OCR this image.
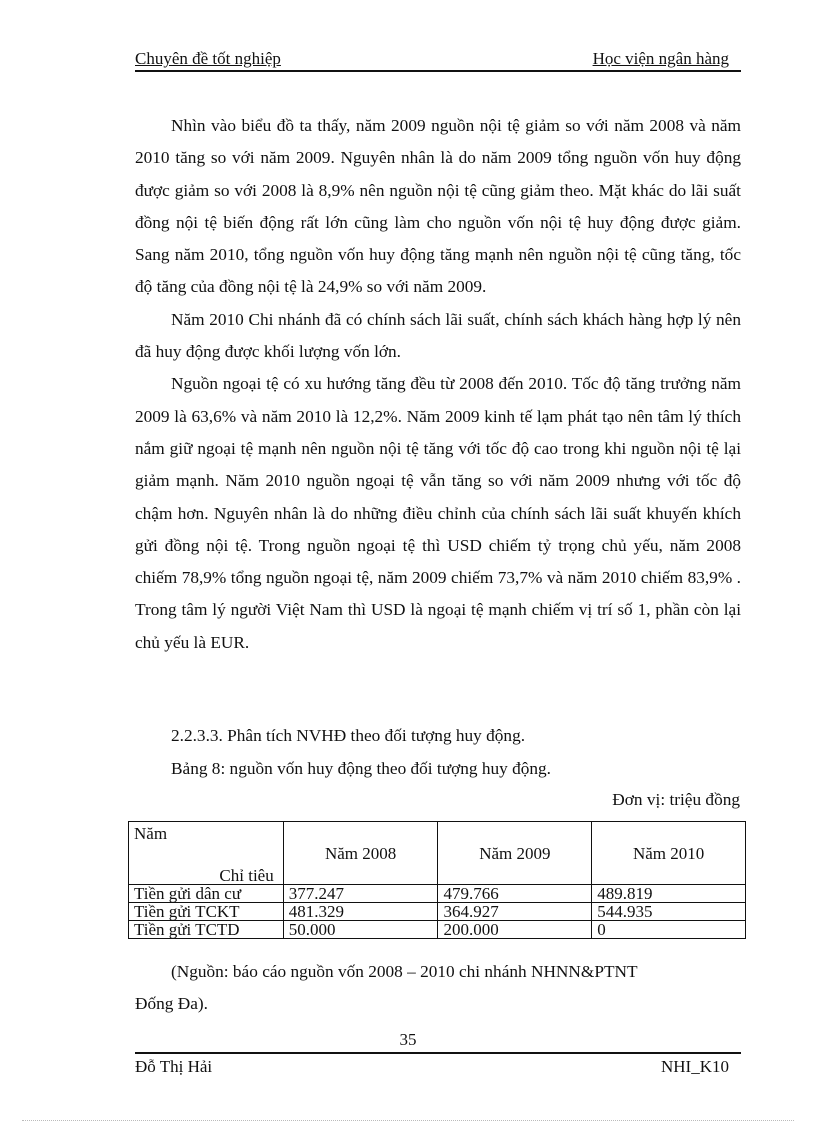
Chuyên đề tốt nghiệp	Học viện ngân hàng

Nhìn vào biểu đồ ta thấy, năm 2009 nguồn nội tệ giảm so với năm 2008 và năm 2010 tăng so với năm 2009. Nguyên nhân là do năm 2009 tổng nguồn vốn huy động được giảm so với 2008 là 8,9% nên nguồn nội tệ cũng giảm theo. Mặt khác do lãi suất đồng nội tệ biến động rất lớn cũng làm cho nguồn vốn nội tệ huy động được giảm. Sang năm 2010, tổng nguồn vốn huy động tăng mạnh nên nguồn nội tệ cũng tăng, tốc độ tăng của đồng nội tệ là 24,9% so với năm 2009.

Năm 2010 Chi nhánh đã có chính sách lãi suất, chính sách khách hàng hợp lý nên đã huy động được khối lượng vốn lớn.

Nguồn ngoại tệ có xu hướng tăng đều từ 2008 đến 2010. Tốc độ tăng trưởng năm 2009 là 63,6% và năm 2010 là 12,2%. Năm 2009 kinh tế lạm phát tạo nên tâm lý thích nắm giữ ngoại tệ mạnh nên nguồn nội tệ tăng với tốc độ cao trong khi nguồn nội tệ lại giảm mạnh. Năm 2010 nguồn ngoại tệ vẫn tăng so với năm 2009 nhưng với tốc độ chậm hơn. Nguyên nhân là do những điều chỉnh của chính sách lãi suất khuyến khích gửi đồng nội tệ. Trong nguồn ngoại tệ thì USD chiếm tỷ trọng chủ yếu, năm 2008 chiếm 78,9% tổng nguồn ngoại tệ, năm 2009 chiếm 73,7% và năm 2010 chiếm 83,9% . Trong tâm lý người Việt Nam thì USD là ngoại tệ mạnh chiếm vị trí số 1, phần còn lại chủ yếu là EUR.

2.2.3.3. Phân tích NVHĐ theo đối tượng huy động.
Bảng 8: nguồn vốn huy động theo đối tượng huy động.
Đơn vị: triệu đồng
Năm
Chỉ tiêu	Năm 2008	Năm 2009	Năm 2010
Tiền gửi dân cư	377.247	479.766	489.819
Tiền gửi TCKT	481.329	364.927	544.935
Tiền gửi TCTD	50.000	200.000	0
(Nguồn: báo cáo nguồn vốn 2008 – 2010 chi nhánh NHNN&PTNT
Đống Đa).
35
Đỗ Thị Hải	NHI_K10
